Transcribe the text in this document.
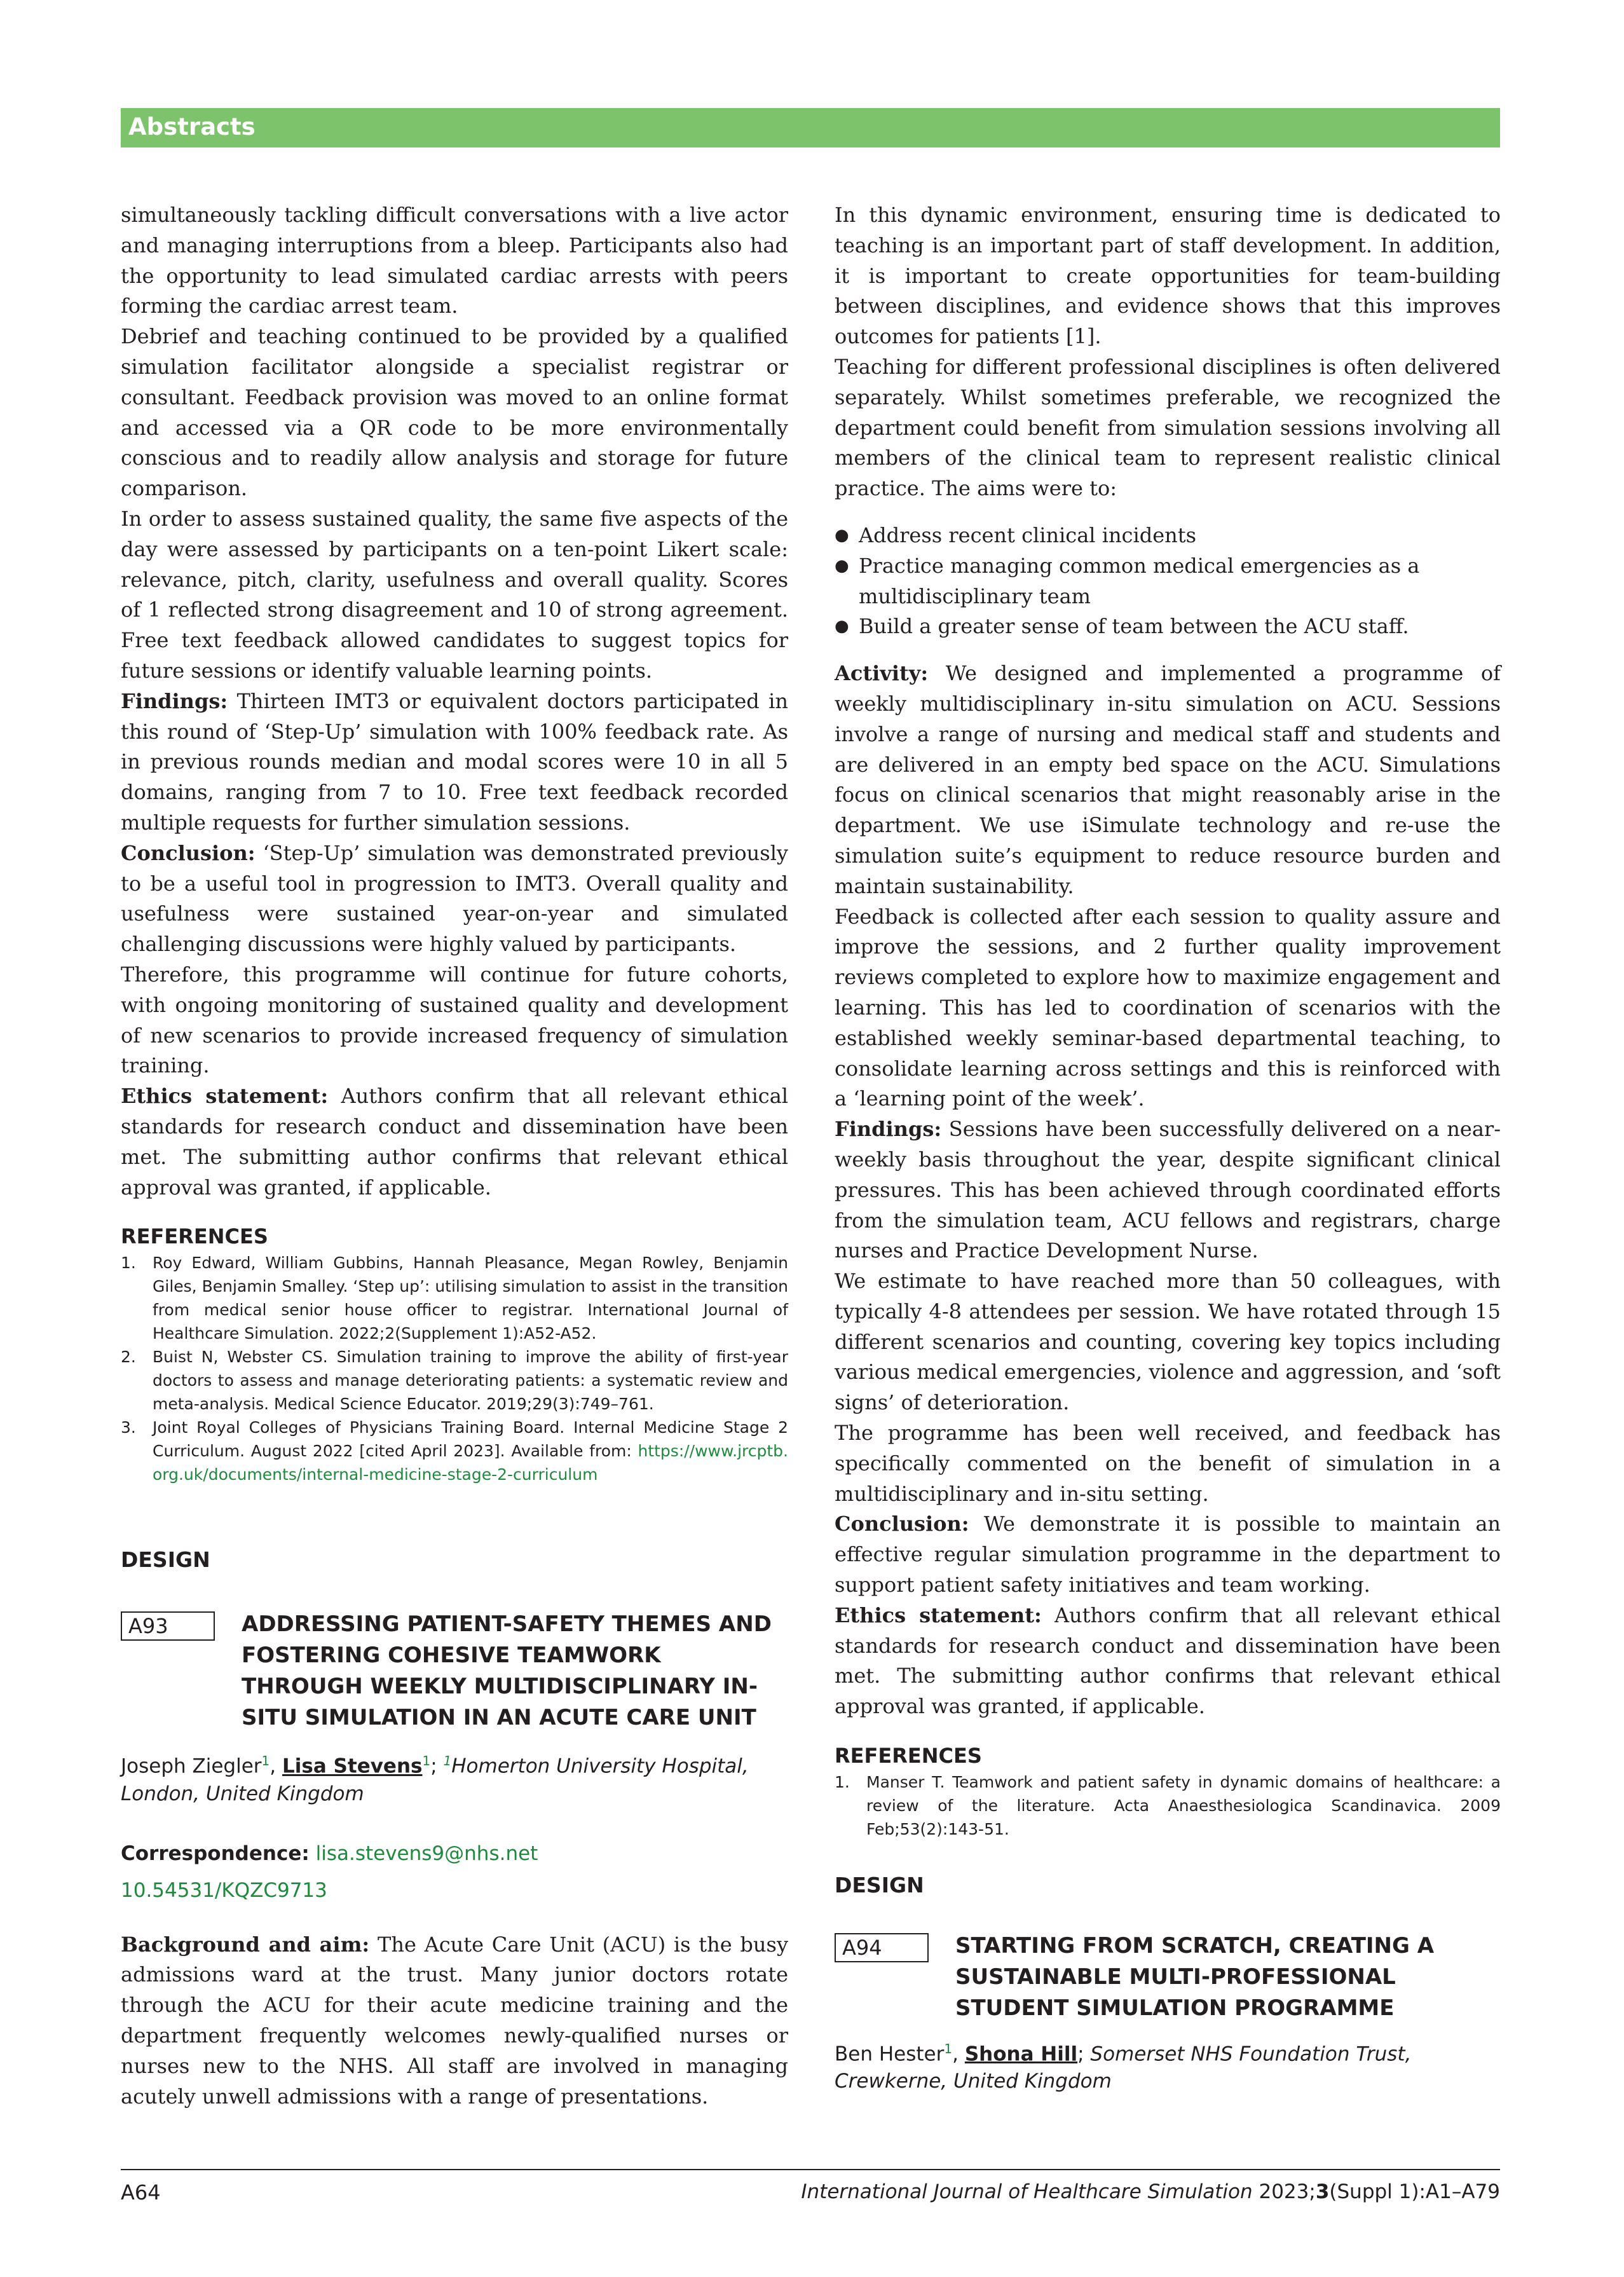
Abstracts

simultaneously tackling difficult conversations with a live actor and managing interruptions from a bleep. Participants also had the opportunity to lead simulated cardiac arrests with peers forming the cardiac arrest team.

Debrief and teaching continued to be provided by a qualified simulation facilitator alongside a specialist registrar or consultant. Feedback provision was moved to an online format and accessed via a QR code to be more environmentally conscious and to readily allow analysis and storage for future comparison.

In order to assess sustained quality, the same five aspects of the day were assessed by participants on a ten-point Likert scale: relevance, pitch, clarity, usefulness and overall quality. Scores of 1 reflected strong disagreement and 10 of strong agreement. Free text feedback allowed candidates to suggest topics for future sessions or identify valuable learning points.

Findings: Thirteen IMT3 or equivalent doctors participated in this round of ‘Step-Up’ simulation with 100% feedback rate. As in previous rounds median and modal scores were 10 in all 5 domains, ranging from 7 to 10. Free text feedback recorded multiple requests for further simulation sessions.

Conclusion: ‘Step-Up’ simulation was demonstrated previously to be a useful tool in progression to IMT3. Overall quality and usefulness were sustained year-on-year and simulated challenging discussions were highly valued by participants.

Therefore, this programme will continue for future cohorts, with ongoing monitoring of sustained quality and development of new scenarios to provide increased frequency of simulation training.

Ethics statement: Authors confirm that all relevant ethical standards for research conduct and dissemination have been met. The submitting author confirms that relevant ethical approval was granted, if applicable.

REFERENCES
1. Roy Edward, William Gubbins, Hannah Pleasance, Megan Rowley, Benjamin Giles, Benjamin Smalley. ‘Step up’: utilising simulation to assist in the transition from medical senior house officer to registrar. International Journal of Healthcare Simulation. 2022;2(Supplement 1):A52-A52.
2. Buist N, Webster CS. Simulation training to improve the ability of first-year doctors to assess and manage deteriorating patients: a systematic review and meta-analysis. Medical Science Educator. 2019;29(3):749–761.
3. Joint Royal Colleges of Physicians Training Board. Internal Medicine Stage 2 Curriculum. August 2022 [cited April 2023]. Available from: https://www.jrcptb.org.uk/documents/internal-medicine-stage-2-curriculum
DESIGN
A93	ADDRESSING PATIENT-SAFETY THEMES AND FOSTERING COHESIVE TEAMWORK THROUGH WEEKLY MULTIDISCIPLINARY IN-SITU SIMULATION IN AN ACUTE CARE UNIT
Joseph Ziegler$^1$, Lisa Stevens$^1$; $^1$Homerton University Hospital, London, United Kingdom
Correspondence: lisa.stevens9@nhs.net
10.54531/KQZC9713

Background and aim: The Acute Care Unit (ACU) is the busy admissions ward at the trust. Many junior doctors rotate through the ACU for their acute medicine training and the department frequently welcomes newly-qualified nurses or nurses new to the NHS. All staff are involved in managing acutely unwell admissions with a range of presentations.

In this dynamic environment, ensuring time is dedicated to teaching is an important part of staff development. In addition, it is important to create opportunities for team-building between disciplines, and evidence shows that this improves outcomes for patients [1].

Teaching for different professional disciplines is often delivered separately. Whilst sometimes preferable, we recognized the department could benefit from simulation sessions involving all members of the clinical team to represent realistic clinical practice. The aims were to:

● Address recent clinical incidents
● Practice managing common medical emergencies as a multidisciplinary team
● Build a greater sense of team between the ACU staff.

Activity: We designed and implemented a programme of weekly multidisciplinary in-situ simulation on ACU. Sessions involve a range of nursing and medical staff and students and are delivered in an empty bed space on the ACU. Simulations focus on clinical scenarios that might reasonably arise in the department. We use iSimulate technology and re-use the simulation suite’s equipment to reduce resource burden and maintain sustainability.

Feedback is collected after each session to quality assure and improve the sessions, and 2 further quality improvement reviews completed to explore how to maximize engagement and learning. This has led to coordination of scenarios with the established weekly seminar-based departmental teaching, to consolidate learning across settings and this is reinforced with a ‘learning point of the week’.

Findings: Sessions have been successfully delivered on a near-weekly basis throughout the year, despite significant clinical pressures. This has been achieved through coordinated efforts from the simulation team, ACU fellows and registrars, charge nurses and Practice Development Nurse.

We estimate to have reached more than 50 colleagues, with typically 4-8 attendees per session. We have rotated through 15 different scenarios and counting, covering key topics including various medical emergencies, violence and aggression, and ‘soft signs’ of deterioration.

The programme has been well received, and feedback has specifically commented on the benefit of simulation in a multidisciplinary and in-situ setting.

Conclusion: We demonstrate it is possible to maintain an effective regular simulation programme in the department to support patient safety initiatives and team working.

Ethics statement: Authors confirm that all relevant ethical standards for research conduct and dissemination have been met. The submitting author confirms that relevant ethical approval was granted, if applicable.

REFERENCES
1. Manser T. Teamwork and patient safety in dynamic domains of healthcare: a review of the literature. Acta Anaesthesiologica Scandinavica. 2009 Feb;53(2):143-51.
DESIGN
A94	STARTING FROM SCRATCH, CREATING A SUSTAINABLE MULTI-PROFESSIONAL STUDENT SIMULATION PROGRAMME
Ben Hester$^1$, Shona Hill; Somerset NHS Foundation Trust, Crewkerne, United Kingdom
A64	International Journal of Healthcare Simulation 2023;3(Suppl 1):A1–A79
